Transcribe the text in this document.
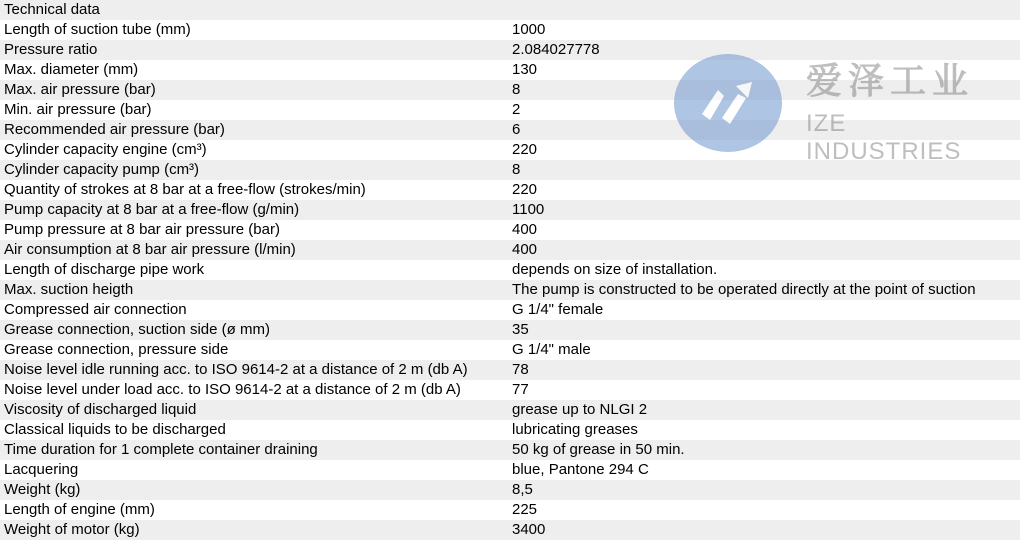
Technical data
Length of suction tube (mm)	1000
Pressure ratio	2.084027778
Max. diameter (mm)	130
Max. air pressure (bar)	8
Min. air pressure (bar)	2
Recommended air pressure (bar)	6
Cylinder capacity engine (cm³)	220
Cylinder capacity pump (cm³)	8
Quantity of strokes at 8 bar at a free-flow (strokes/min)	220
Pump capacity at 8 bar at a free-flow (g/min)	1100
Pump pressure at 8 bar air pressure (bar)	400
Air consumption at 8 bar air pressure (l/min)	400
Length of discharge pipe work	depends on size of installation.
Max. suction heigth	The pump is constructed to be operated directly at the point of suction
Compressed air connection	G 1/4" female
Grease connection, suction side (ø mm)	35
Grease connection, pressure side	G 1/4" male
Noise level idle running acc. to ISO 9614-2 at a distance of 2 m (db A)	78
Noise level under load acc. to ISO 9614-2 at a distance of 2 m (db A)	77
Viscosity of discharged liquid	grease up to NLGI 2
Classical liquids to be discharged	lubricating greases
Time duration for 1 complete container draining	50 kg of grease in 50 min.
Lacquering	blue, Pantone 294 C
Weight (kg)	8,5
Length of engine (mm)	225
Weight of motor (kg)	3400
爱泽工业
IZE INDUSTRIES
